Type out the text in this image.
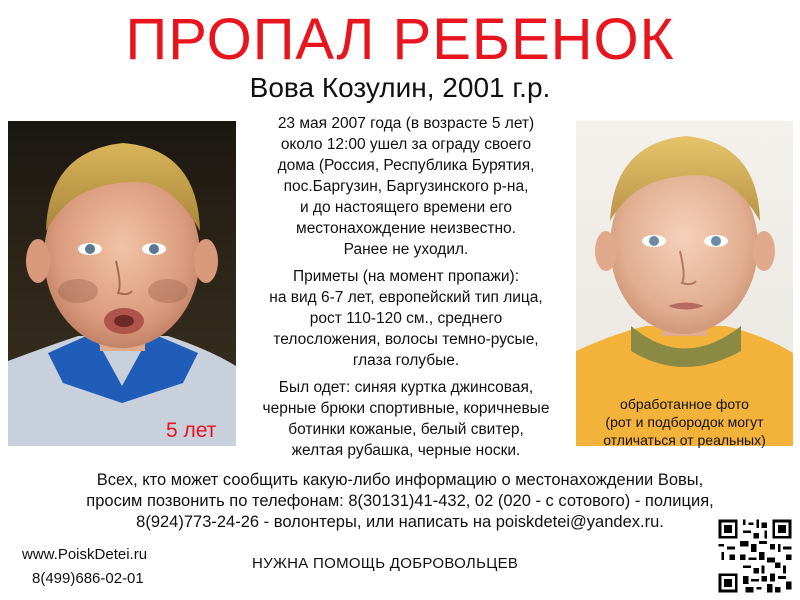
ПРОПАЛ РЕБЕНОК
Вова Козулин, 2001 г.р.
5 лет
обработанное фото
(рот и подбородок могут
отличаться от реальных)

23 мая 2007 года (в возрасте 5 лет)
около 12:00 ушел за ограду своего
дома (Россия, Республика Бурятия,
пос.Баргузин, Баргузинского р-на,
и до настоящего времени его
местонахождение неизвестно.
Ранее не уходил.

Приметы (на момент пропажи):
на вид 6-7 лет, европейский тип лица,
рост 110-120 см., среднего
телосложения, волосы темно-русые,
глаза голубые.

Был одет: синяя куртка джинсовая,
черные брюки спортивные, коричневые
ботинки кожаные, белый свитер,
желтая рубашка, черные носки.

Всех, кто может сообщить какую-либо информацию о местонахождении Вовы,
просим позвонить по телефонам: 8(30131)41-432, 02 (020 - с сотового) - полиция,
8(924)773-24-26 - волонтеры, или написать на poiskdetei@yandex.ru.
www.PoiskDetei.ru
8(499)686-02-01
НУЖНА ПОМОЩЬ ДОБРОВОЛЬЦЕВ
